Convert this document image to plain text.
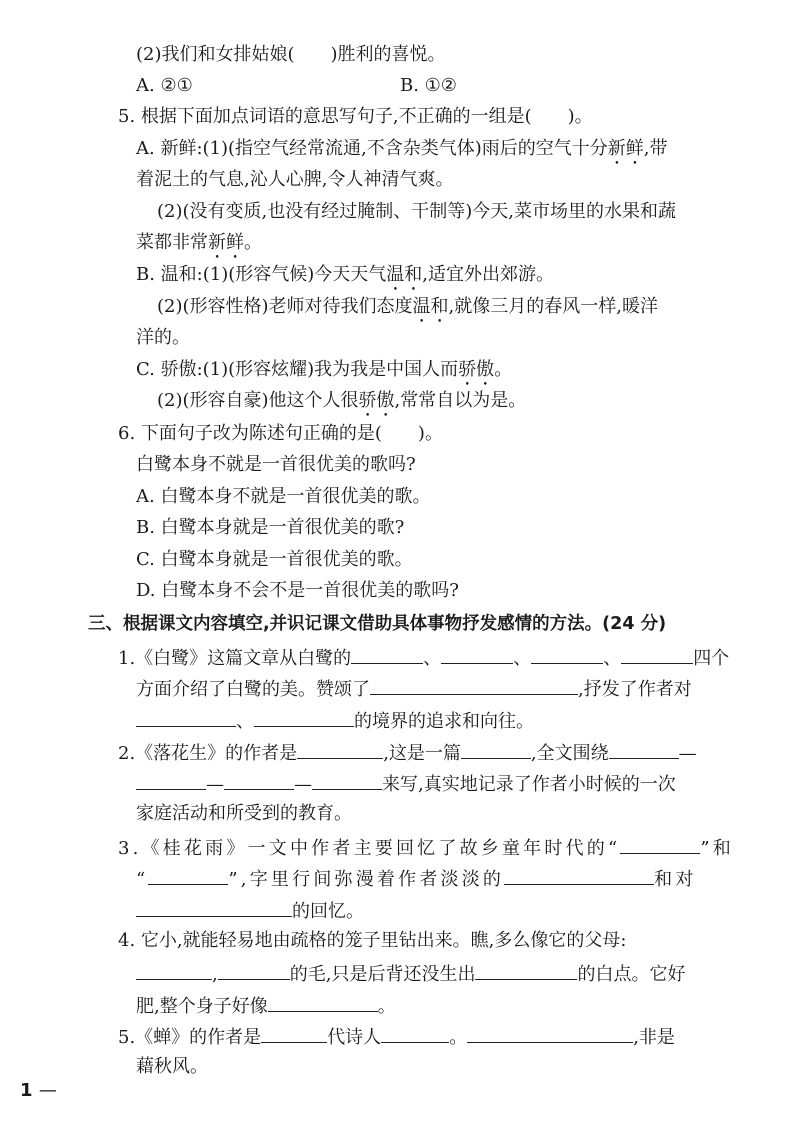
(2)我们和女排姑娘(　　)胜利的喜悦。
A. ②①	B. ①②
5. 根据下面加点词语的意思写句子,不正确的一组是(　　)。
A. 新鲜:(1)(指空气经常流通,不含杂类气体)雨后的空气十分新鲜,带
着泥土的气息,沁人心脾,令人神清气爽。
(2)(没有变质,也没有经过腌制、干制等)今天,菜市场里的水果和蔬
菜都非常新鲜。
B. 温和:(1)(形容气候)今天天气温和,适宜外出郊游。
(2)(形容性格)老师对待我们态度温和,就像三月的春风一样,暖洋
洋的。
C. 骄傲:(1)(形容炫耀)我为我是中国人而骄傲。
(2)(形容自豪)他这个人很骄傲,常常自以为是。
6. 下面句子改为陈述句正确的是(　　)。
白鹭本身不就是一首很优美的歌吗?
A. 白鹭本身不就是一首很优美的歌。
B. 白鹭本身就是一首很优美的歌?
C. 白鹭本身就是一首很优美的歌。
D. 白鹭本身不会不是一首很优美的歌吗?
三、根据课文内容填空,并识记课文借助具体事物抒发感情的方法。(24 分)
1.《白鹭》这篇文章从白鹭的	、	、	、	四个
方面介绍了白鹭的美。赞颂了	,抒发了作者对
、	的境界的追求和向往。
2.《落花生》的作者是	,这是一篇	,全文围绕	—
—	—	来写,真实地记录了作者小时候的一次
家庭活动和所受到的教育。
3.《桂花雨》一文中作者主要回忆了故乡童年时代的“	”和
“	”,字里行间弥漫着作者淡淡的	和对
的回忆。
4. 它小,就能轻易地由疏格的笼子里钻出来。瞧,多么像它的父母:
,	的毛,只是后背还没生出	的白点。它好
肥,整个身子好像	。
5.《蝉》的作者是	代诗人	。	,非是
藉秋风。
1 —
